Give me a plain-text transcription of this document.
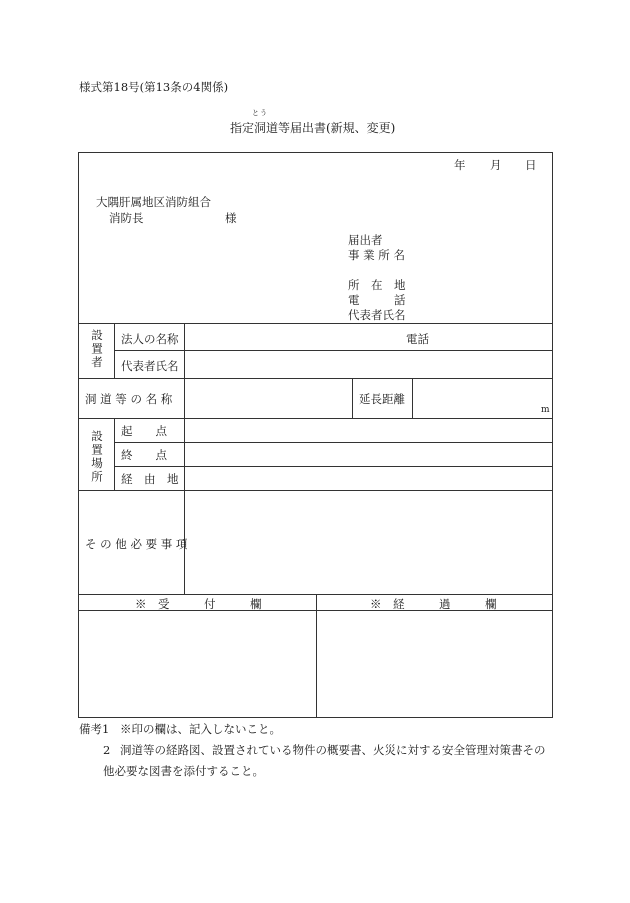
様式第18号(第13条の4関係)
とう
指定洞道等届出書(新規、変更)
年 月 日
大隅肝属地区消防組合
消防長	様
届出者
事 業 所 名
所　在　地
電　　　話
代表者氏名
設置者 法人の名称	電話
代表者氏名
洞 道 等 の 名 称	延長距離
m
設置場所 起　　点
終　　点
経　由　地
そ の 他 必 要 事 項
※　受　　　付　　　欄	※　経　　　過　　　欄
備考1 ※印の欄は、記入しないこと。
2 洞道等の経路図、設置されている物件の概要書、火災に対する安全管理対策書その

他必要な図書を添付すること。
